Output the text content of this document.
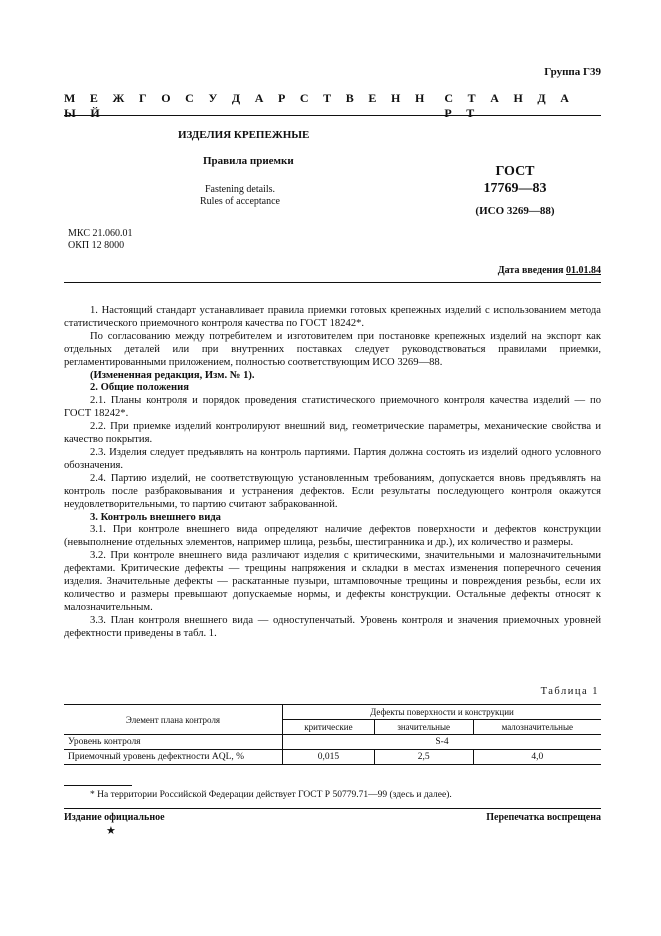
Группа Г39
М Е Ж Г О С У Д А Р С Т В Е Н НЫ Й
С Т А Н Д АР Т
ИЗДЕЛИЯ КРЕПЕЖНЫЕ
Правила приемки
Fastening details.
Rules of acceptance
ГОСТ
17769—83
(ИСО 3269—88)
МКС 21.060.01
ОКП 12 8000
Дата введения 01.01.84

1. Настоящий стандарт устанавливает правила приемки готовых крепежных изделий с использованием метода статистического приемочного контроля качества по ГОСТ 18242*.

По согласованию между потребителем и изготовителем при постановке крепежных изделий на экспорт как отдельных деталей или при внутренних поставках следует руководствоваться правилами приемки, регламентированными приложением, полностью соответствующим ИСО 3269—88.

(Измененная редакция, Изм. № 1).

2. Общие положения

2.1. Планы контроля и порядок проведения статистического приемочного контроля качества изделий — по ГОСТ 18242*.

2.2. При приемке изделий контролируют внешний вид, геометрические параметры, механические свойства и качество покрытия.

2.3. Изделия следует предъявлять на контроль партиями. Партия должна состоять из изделий одного условного обозначения.

2.4. Партию изделий, не соответствующую установленным требованиям, допускается вновь предъявлять на контроль после разбраковывания и устранения дефектов. Если результаты последующего контроля окажутся неудовлетворительными, то партию считают забракованной.

3. Контроль внешнего вида

3.1. При контроле внешнего вида определяют наличие дефектов поверхности и дефектов конструкции (невыполнение отдельных элементов, например шлица, резьбы, шестигранника и др.), их количество и размеры.

3.2. При контроле внешнего вида различают изделия с критическими, значительными и малозначительными дефектами. Критические дефекты — трещины напряжения и складки в местах изменения поперечного сечения изделия. Значительные дефекты — раскатанные пузыри, штамповочные трещины и повреждения резьбы, если их количество и размеры превышают допускаемые нормы, и дефекты конструкции. Остальные дефекты относят к малозначительным.

3.3. План контроля внешнего вида — одноступенчатый. Уровень контроля и значения приемочных уровней дефектности приведены в табл. 1.

Таблица 1
Элемент плана контроля	Дефекты поверхности и конструкции		
	критические	значительные	малозначительные
Уровень контроля	S-4		
Приемочный уровень дефектности AQL, %	0,015	2,5	4,0
* На территории Российской Федерации действует ГОСТ Р 50779.71—99 (здесь и далее).
Издание официальное	Перепечатка воспрещена
★
